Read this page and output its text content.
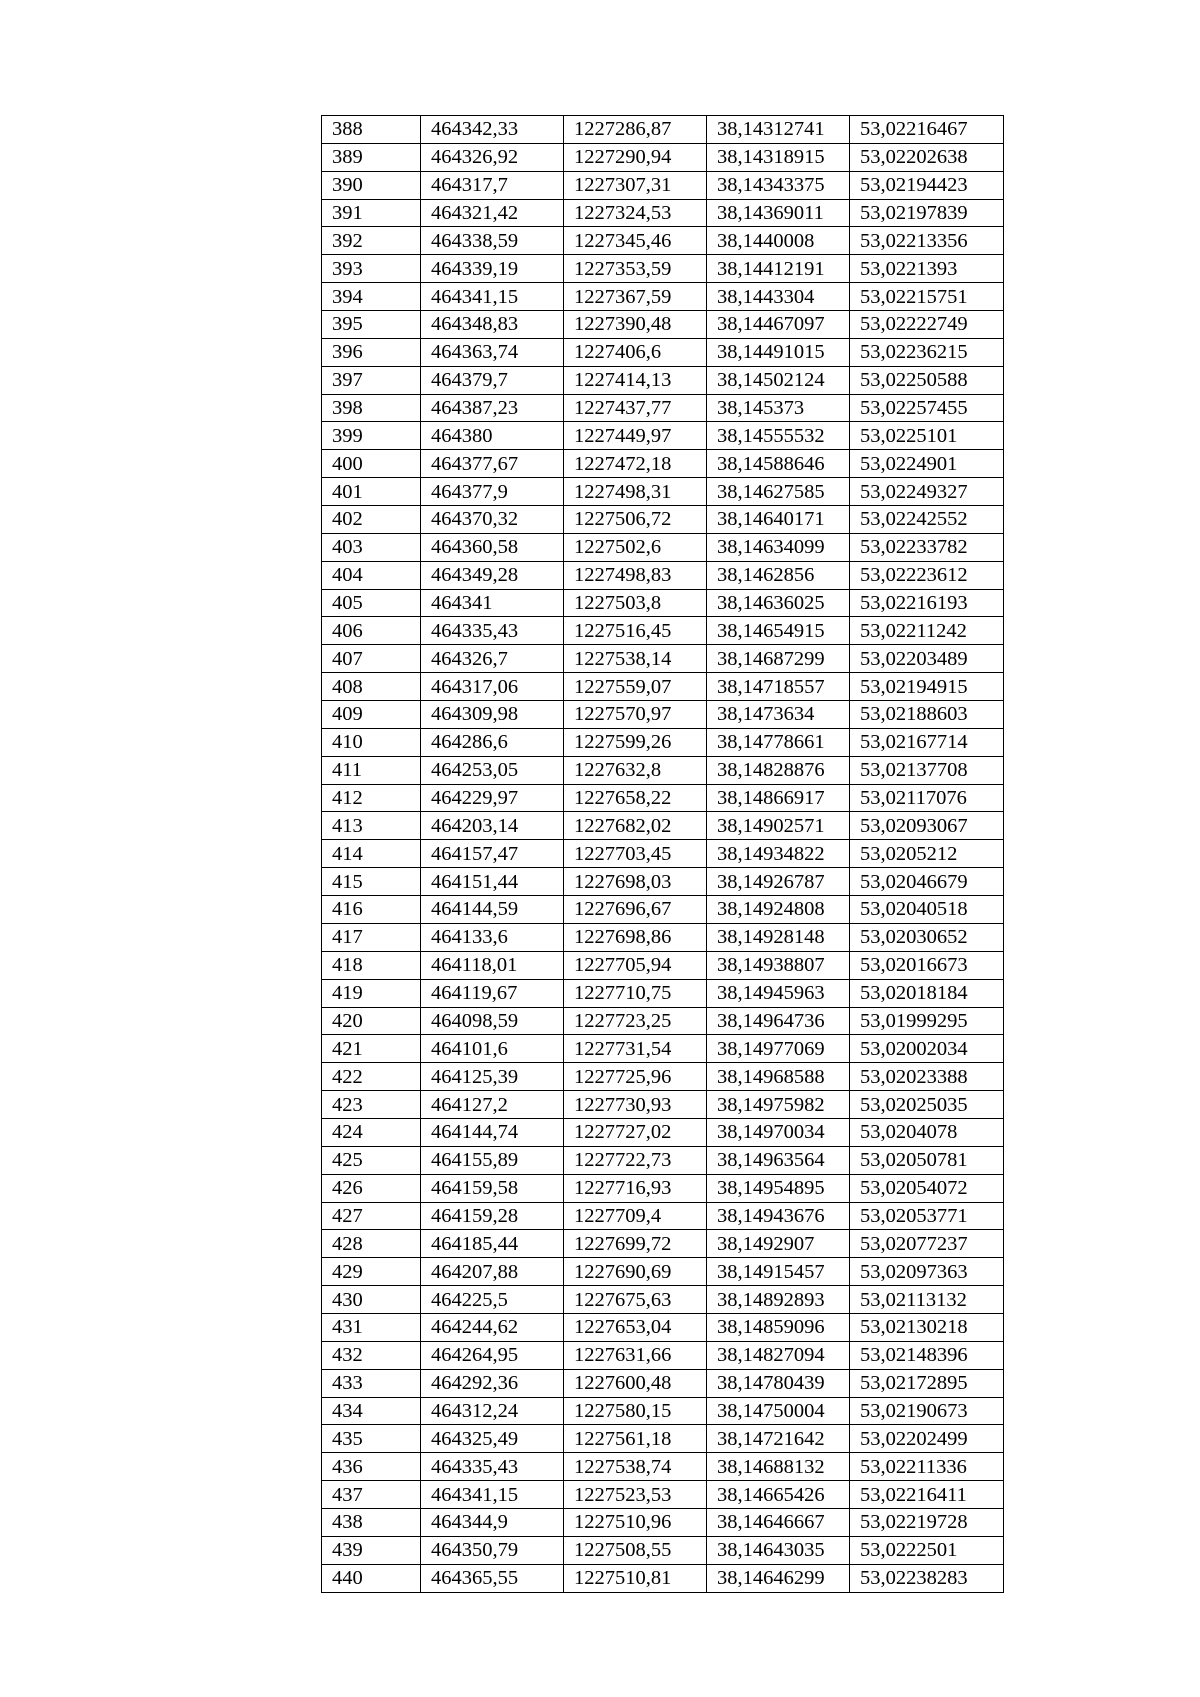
388	464342,33	1227286,87	38,14312741	53,02216467
389	464326,92	1227290,94	38,14318915	53,02202638
390	464317,7	1227307,31	38,14343375	53,02194423
391	464321,42	1227324,53	38,14369011	53,02197839
392	464338,59	1227345,46	38,1440008	53,02213356
393	464339,19	1227353,59	38,14412191	53,0221393
394	464341,15	1227367,59	38,1443304	53,02215751
395	464348,83	1227390,48	38,14467097	53,02222749
396	464363,74	1227406,6	38,14491015	53,02236215
397	464379,7	1227414,13	38,14502124	53,02250588
398	464387,23	1227437,77	38,145373	53,02257455
399	464380	1227449,97	38,14555532	53,0225101
400	464377,67	1227472,18	38,14588646	53,0224901
401	464377,9	1227498,31	38,14627585	53,02249327
402	464370,32	1227506,72	38,14640171	53,02242552
403	464360,58	1227502,6	38,14634099	53,02233782
404	464349,28	1227498,83	38,1462856	53,02223612
405	464341	1227503,8	38,14636025	53,02216193
406	464335,43	1227516,45	38,14654915	53,02211242
407	464326,7	1227538,14	38,14687299	53,02203489
408	464317,06	1227559,07	38,14718557	53,02194915
409	464309,98	1227570,97	38,1473634	53,02188603
410	464286,6	1227599,26	38,14778661	53,02167714
411	464253,05	1227632,8	38,14828876	53,02137708
412	464229,97	1227658,22	38,14866917	53,02117076
413	464203,14	1227682,02	38,14902571	53,02093067
414	464157,47	1227703,45	38,14934822	53,0205212
415	464151,44	1227698,03	38,14926787	53,02046679
416	464144,59	1227696,67	38,14924808	53,02040518
417	464133,6	1227698,86	38,14928148	53,02030652
418	464118,01	1227705,94	38,14938807	53,02016673
419	464119,67	1227710,75	38,14945963	53,02018184
420	464098,59	1227723,25	38,14964736	53,01999295
421	464101,6	1227731,54	38,14977069	53,02002034
422	464125,39	1227725,96	38,14968588	53,02023388
423	464127,2	1227730,93	38,14975982	53,02025035
424	464144,74	1227727,02	38,14970034	53,0204078
425	464155,89	1227722,73	38,14963564	53,02050781
426	464159,58	1227716,93	38,14954895	53,02054072
427	464159,28	1227709,4	38,14943676	53,02053771
428	464185,44	1227699,72	38,1492907	53,02077237
429	464207,88	1227690,69	38,14915457	53,02097363
430	464225,5	1227675,63	38,14892893	53,02113132
431	464244,62	1227653,04	38,14859096	53,02130218
432	464264,95	1227631,66	38,14827094	53,02148396
433	464292,36	1227600,48	38,14780439	53,02172895
434	464312,24	1227580,15	38,14750004	53,02190673
435	464325,49	1227561,18	38,14721642	53,02202499
436	464335,43	1227538,74	38,14688132	53,02211336
437	464341,15	1227523,53	38,14665426	53,02216411
438	464344,9	1227510,96	38,14646667	53,02219728
439	464350,79	1227508,55	38,14643035	53,0222501
440	464365,55	1227510,81	38,14646299	53,02238283
